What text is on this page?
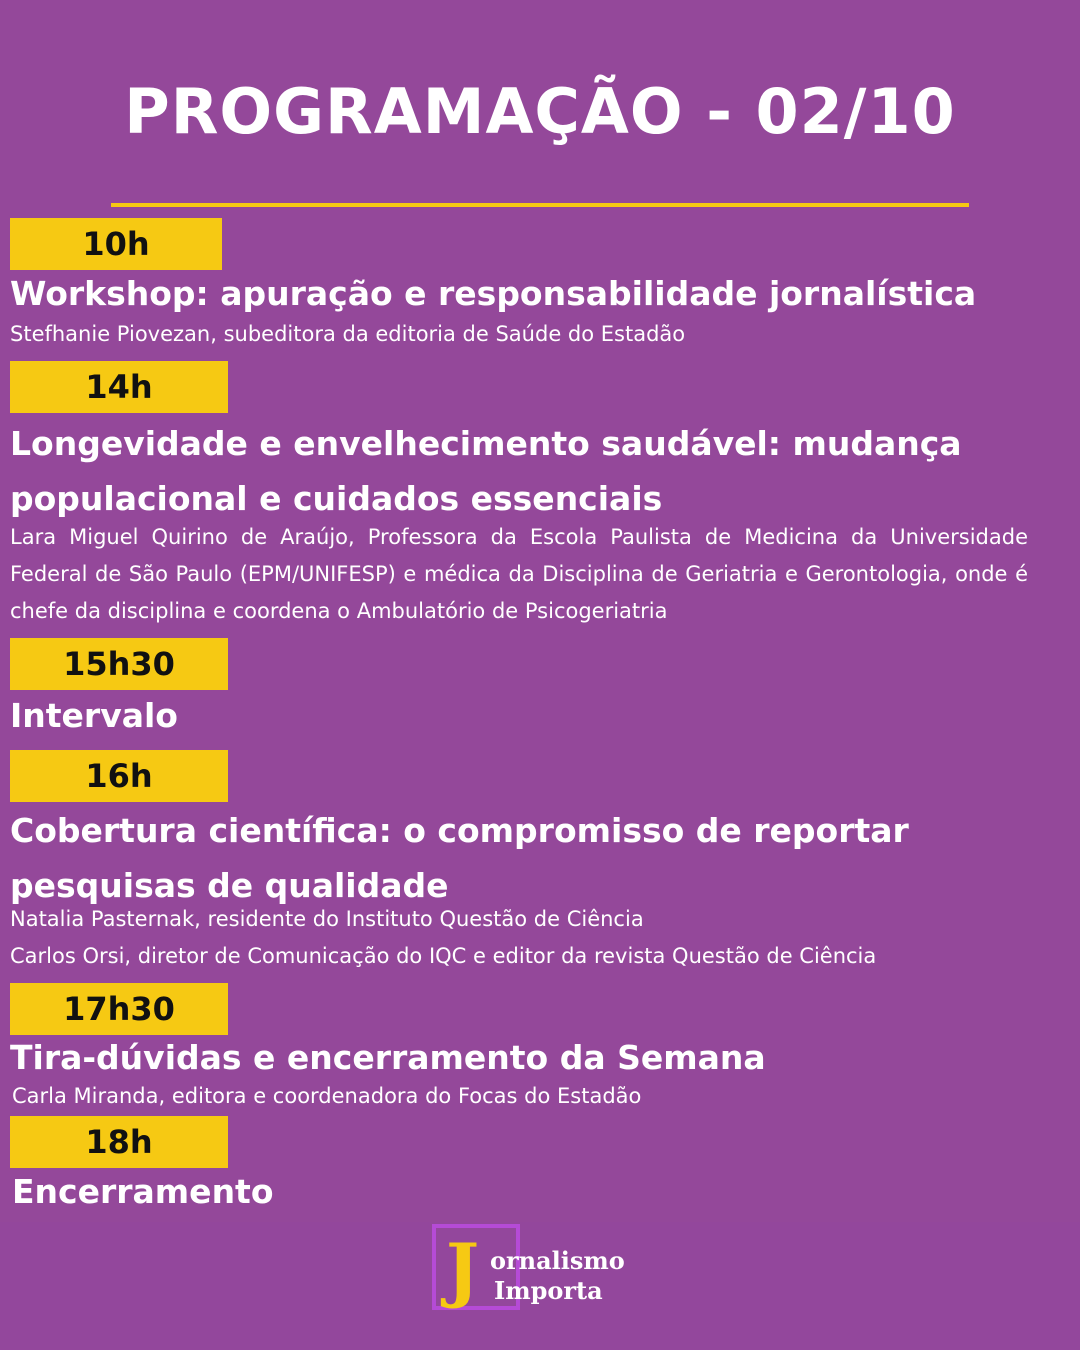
PROGRAMAÇÃO - 02/10
10h
Workshop: apuração e responsabilidade jornalística
Stefhanie Piovezan, subeditora da editoria de Saúde do Estadão
14h
Longevidade e envelhecimento saudável: mudança populacional e cuidados essenciais
Lara Miguel Quirino de Araújo, Professora da Escola Paulista de Medicina da Universidade Federal de São Paulo (EPM/UNIFESP) e médica da Disciplina de Geriatria e Gerontologia, onde é chefe da disciplina e coordena o Ambulatório de Psicogeriatria
15h30
Intervalo
16h
Cobertura científica: o compromisso de reportar pesquisas de qualidade
Natalia Pasternak, residente do Instituto Questão de Ciência
Carlos Orsi, diretor de Comunicação do IQC e editor da revista Questão de Ciência
17h30
Tira-dúvidas e encerramento da Semana
Carla Miranda, editora e coordenadora do Focas do Estadão
18h
Encerramento
J ornalismo
Importa
